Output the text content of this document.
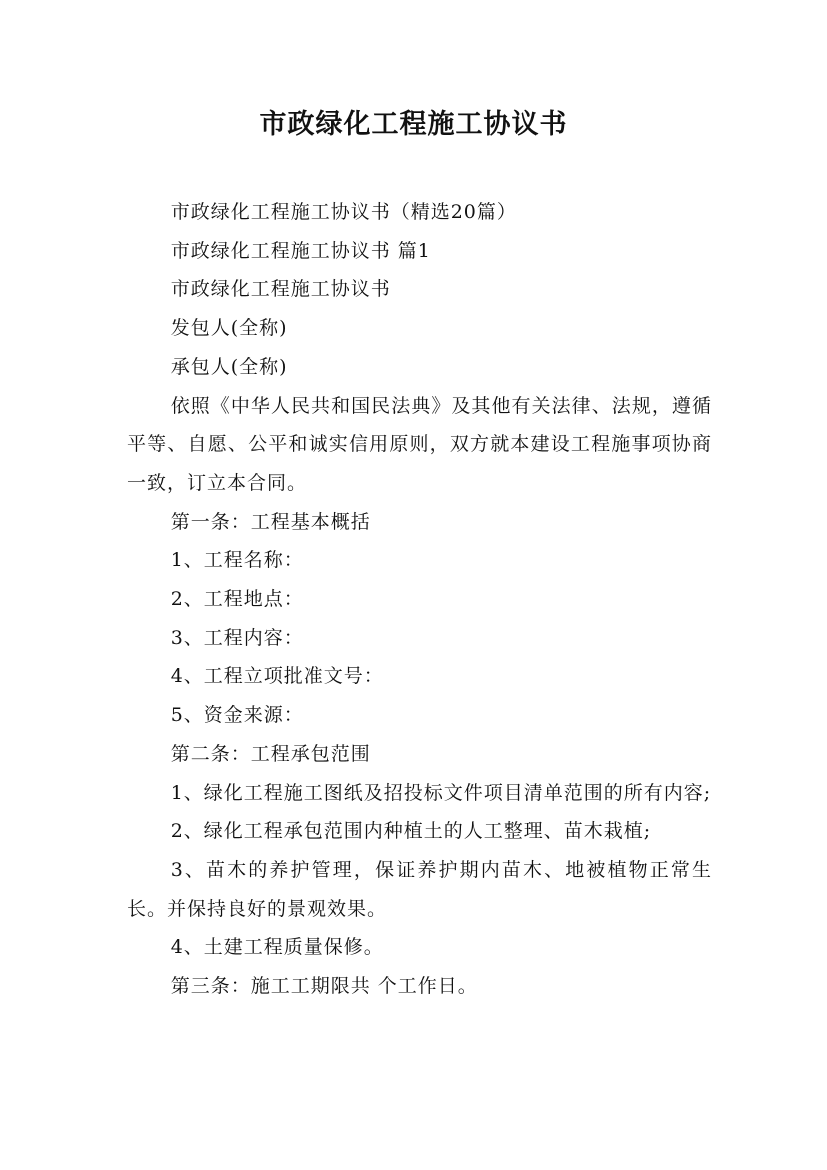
市政绿化工程施工协议书

市政绿化工程施工协议书（精选20篇）

市政绿化工程施工协议书 篇1

市政绿化工程施工协议书

发包人(全称)

承包人(全称)

依照《中华人民共和国民法典》及其他有关法律、法规，遵循平等、自愿、公平和诚实信用原则，双方就本建设工程施事项协商一致，订立本合同。

第一条：工程基本概括

1、工程名称：

2、工程地点：

3、工程内容：

4、工程立项批准文号：

5、资金来源：

第二条：工程承包范围

1、绿化工程施工图纸及招投标文件项目清单范围的所有内容;

2、绿化工程承包范围内种植土的人工整理、苗木栽植;

3、苗木的养护管理，保证养护期内苗木、地被植物正常生长。并保持良好的景观效果。

4、土建工程质量保修。

第三条：施工工期限共 个工作日。
